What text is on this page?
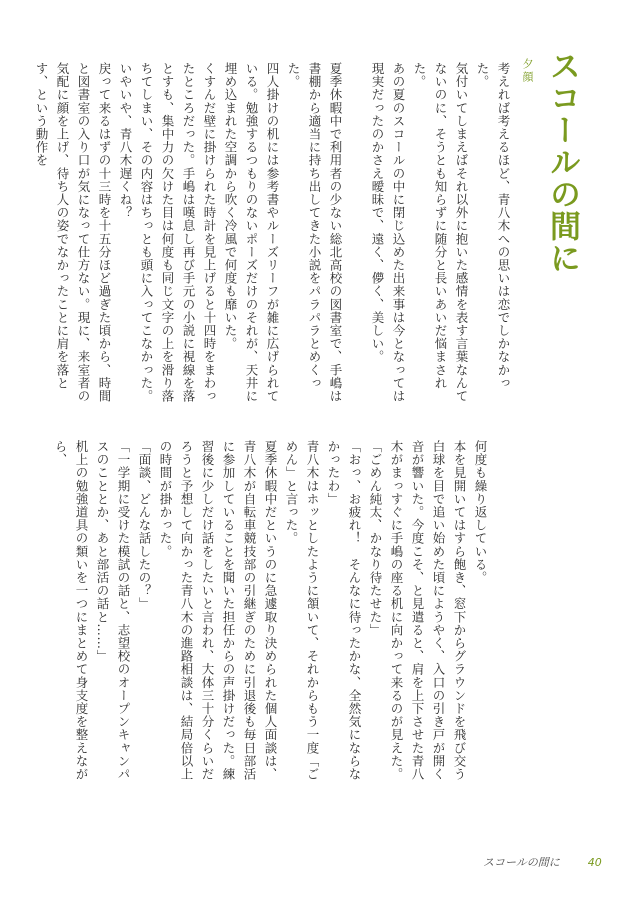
スコールの間に
夕顔

考えれば考えるほど、青八木への思いは恋でしかなかった。

気付いてしまえばそれ以外に抱いた感情を表す言葉なんてないのに、そうとも知らずに随分と長いあいだ悩まされた。

あの夏のスコールの中に閉じ込めた出来事は今となっては現実だったのかさえ曖昧で、遠く、儚く、美しい。

夏季休暇中で利用者の少ない総北高校の図書室で、手嶋は書棚から適当に持ち出してきた小説をパラパラとめくった。

四人掛けの机には参考書やルーズリーフが雑に広げられている。勉強するつもりのないポーズだけのそれが、天井に埋め込まれた空調から吹く冷風で何度も靡いた。

くすんだ壁に掛けられた時計を見上げると十四時をまわったところだった。手嶋は嘆息し再び手元の小説に視線を落とすも、集中力の欠けた目は何度も同じ文字の上を滑り落ちてしまい、その内容はちっとも頭に入ってこなかった。

いやいや、青八木遅くね？

戻って来るはずの十三時を十五分ほど過ぎた頃から、時間と図書室の入り口が気になって仕方ない。現に、来室者の気配に顔を上げ、待ち人の姿でなかったことに肩を落とす、という動作を

何度も繰り返している。

本を見開いてはすら飽き、窓下からグラウンドを飛び交う白球を目で追い始めた頃にようやく、入口の引き戸が開く音が響いた。今度こそ、と見遣ると、肩を上下させた青八木がまっすぐに手嶋の座る机に向かって来るのが見えた。

「ごめん純太、かなり待たせた」

「おっ、お疲れ！　そんなに待ったかな、全然気にならなかったわ」

青八木はホッとしたように頷いて、それからもう一度「ごめん」と言った。

夏季休暇中だというのに急遽取り決められた個人面談は、青八木が自転車競技部の引継ぎのために引退後も毎日部活に参加していることを聞いた担任からの声掛けだった。練習後に少しだけ話をしたいと言われ、大体三十分くらいだろうと予想して向かった青八木の進路相談は、結局倍以上の時間が掛かった。

「面談、どんな話したの？」

「一学期に受けた模試の話と、志望校のオープンキャンパスのこととか、あと部活の話と……」

机上の勉強道具の類いを一つにまとめて身支度を整えながら、

スコールの間に	40
